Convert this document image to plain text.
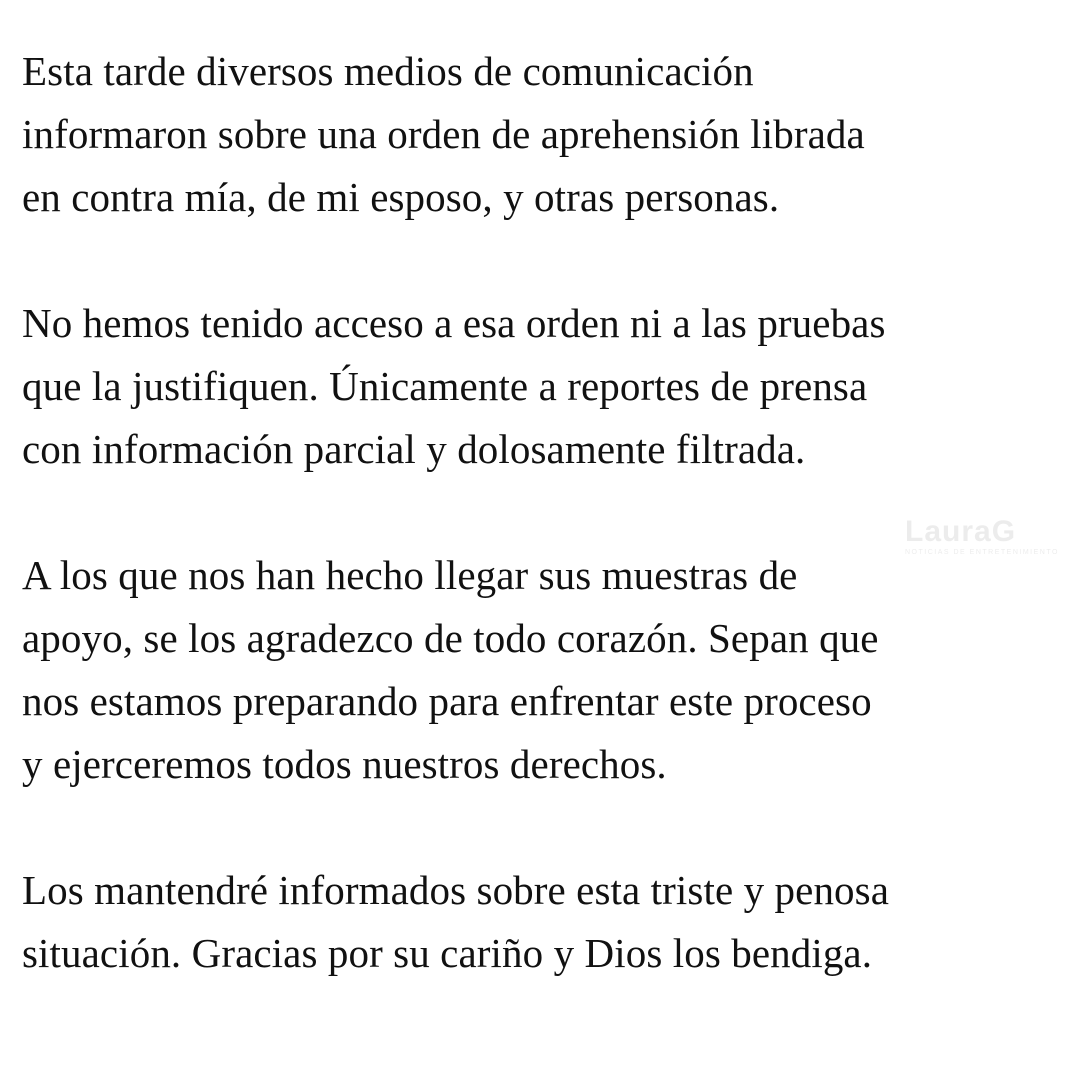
Esta tarde diversos medios de comunicación
informaron sobre una orden de aprehensión librada
en contra mía, de mi esposo, y otras personas.

No hemos tenido acceso a esa orden ni a las pruebas
que la justifiquen. Únicamente a reportes de prensa
con información parcial y dolosamente filtrada.

A los que nos han hecho llegar sus muestras de
apoyo, se los agradezco de todo corazón. Sepan que
nos estamos preparando para enfrentar este proceso
y ejerceremos todos nuestros derechos.

Los mantendré informados sobre esta triste y penosa
situación. Gracias por su cariño y Dios los bendiga.

LauraG
NOTICIAS DE ENTRETENIMIENTO
